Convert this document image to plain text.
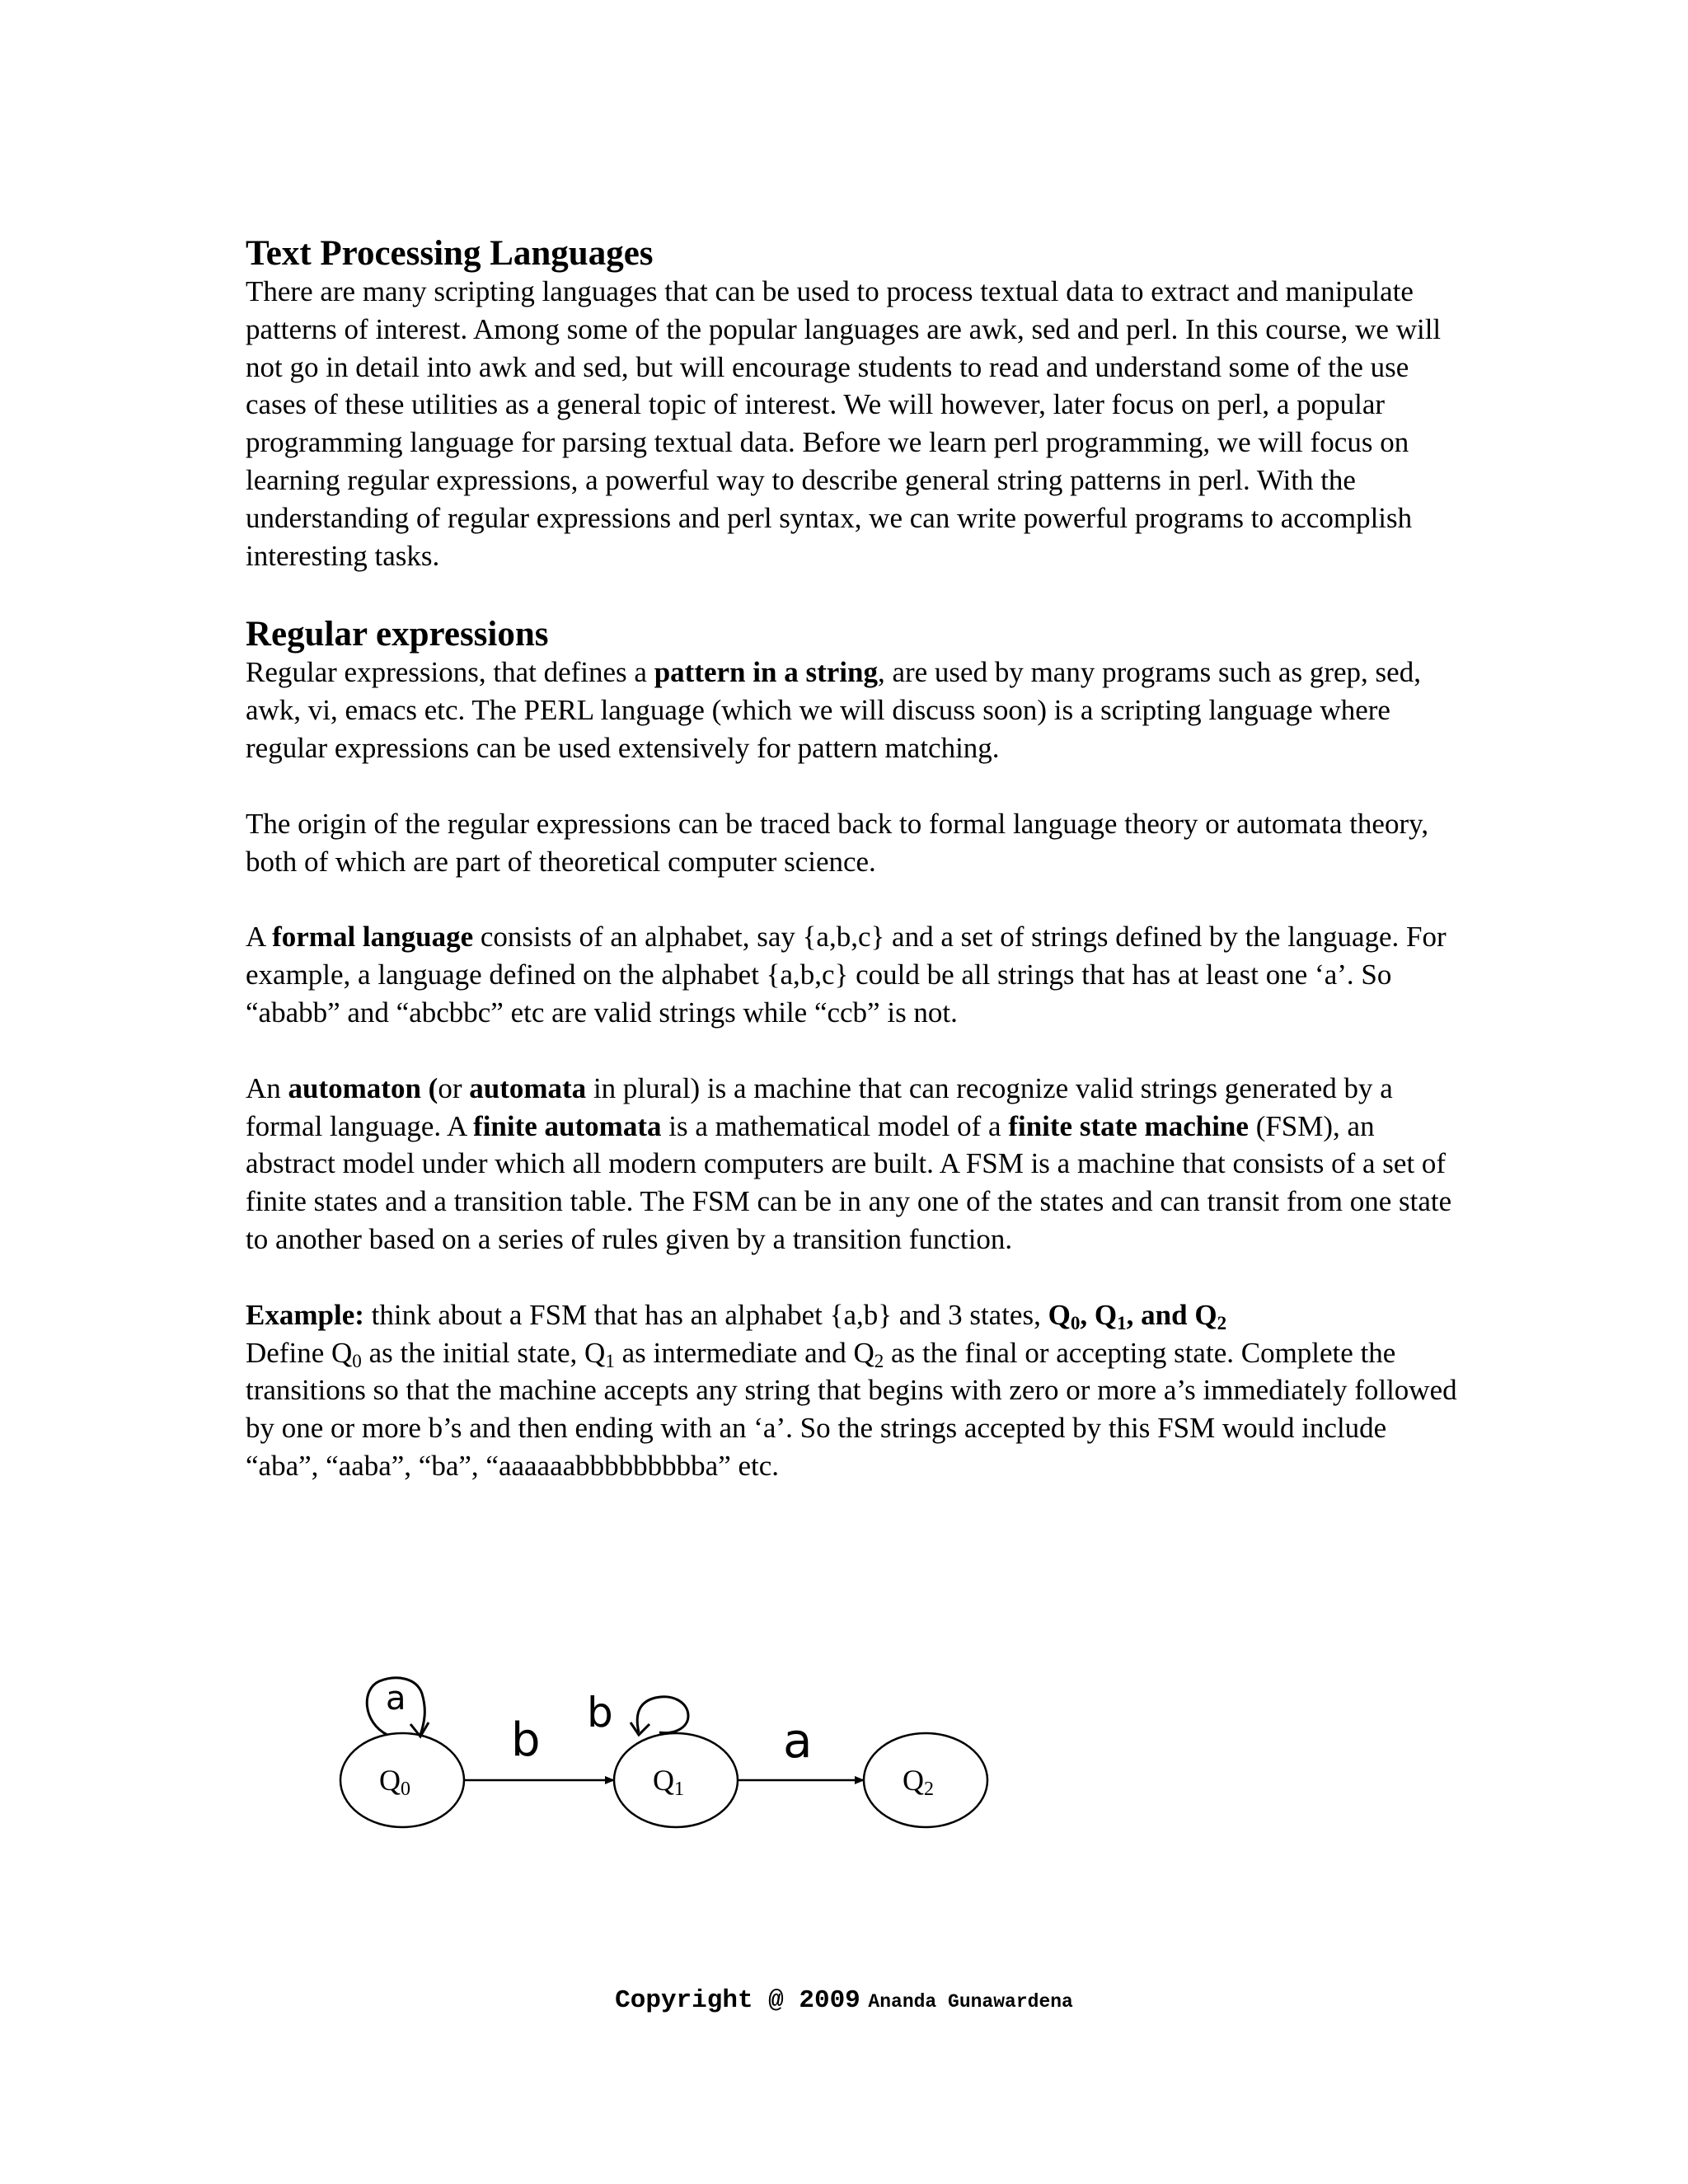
Text Processing Languages

There are many scripting languages that can be used to process textual data to extract and manipulate patterns of interest. Among some of the popular languages are awk, sed and perl. In this course, we will not go in detail into awk and sed, but will encourage students to read and understand some of the use cases of these utilities as a general topic of interest. We will however, later focus on perl, a popular programming language for parsing textual data. Before we learn perl programming, we will focus on learning regular expressions, a powerful way to describe general string patterns in perl. With the understanding of regular expressions and perl syntax, we can write powerful programs to accomplish interesting tasks.

Regular expressions

Regular expressions, that defines a pattern in a string, are used by many programs such as grep, sed, awk, vi, emacs etc. The PERL language (which we will discuss soon) is a scripting language where regular expressions can be used extensively for pattern matching.

The origin of the regular expressions can be traced back to formal language theory or automata theory, both of which are part of theoretical computer science.

A formal language consists of an alphabet, say {a,b,c} and a set of strings defined by the language. For example, a language defined on the alphabet {a,b,c} could be all strings that has at least one ‘a’. So “ababb” and “abcbbc” etc are valid strings while “ccb” is not.

An automaton (or automata in plural) is a machine that can recognize valid strings generated by a formal language. A finite automata is a mathematical model of a finite state machine (FSM), an abstract model under which all modern computers are built. A FSM is a machine that consists of a set of finite states and a transition table. The FSM can be in any one of the states and can transit from one state to another based on a series of rules given by a transition function.

Example: think about a FSM that has an alphabet {a,b} and 3 states, $Q_0$, $Q_1$, and $Q_2$
Define $Q_0$ as the initial state, $Q_1$ as intermediate and $Q_2$ as the final or accepting state. Complete the transitions so that the machine accepts any string that begins with zero or more a’s immediately followed by one or more b’s and then ending with an ‘a’. So the strings accepted by this FSM would include “aba”, “aaba”, “ba”, “aaaaaabbbbbbbbba” etc.

Q0	Q1	Q2
a
b
b	a
Copyright @ 2009 Ananda Gunawardena
